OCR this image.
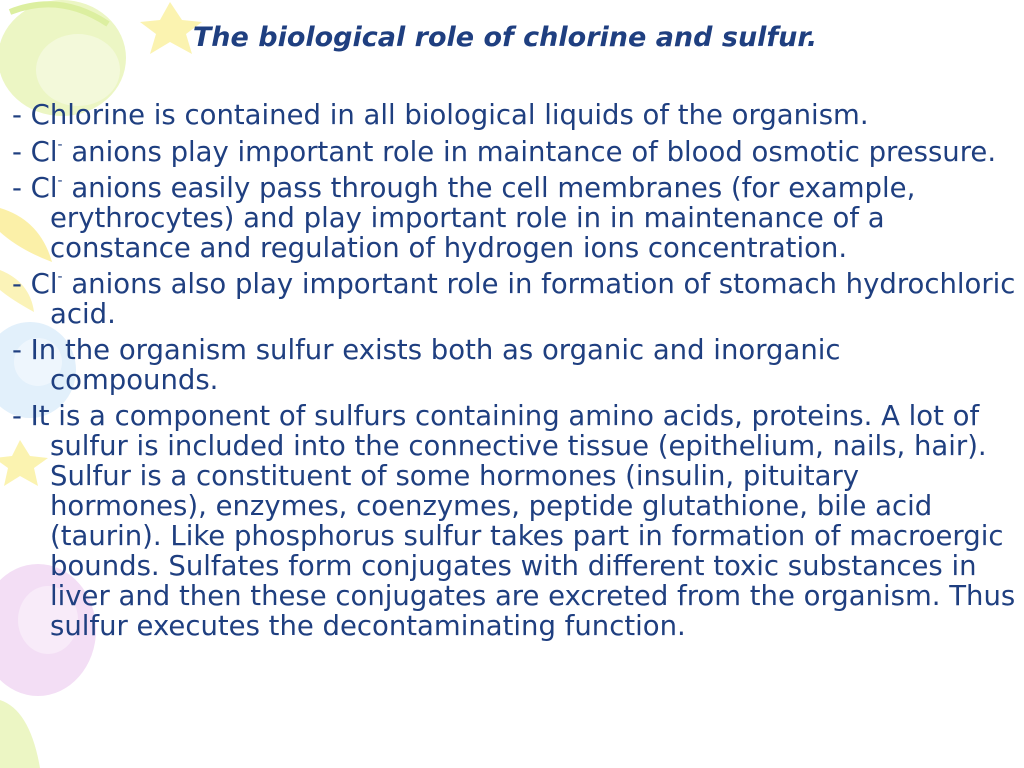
The biological role of chlorine and sulfur.
- Chlorine is contained in all biological liquids of the organism.
- Cl- anions play important role in maintance of blood osmotic pressure.
- Cl- anions easily pass through the cell membranes (for example, erythrocytes) and play important role in in maintenance of a constance and regulation of hydrogen ions concentration.
- Cl- anions also play important role in formation of stomach hydrochloric acid.
- In the organism sulfur exists both as organic and inorganic compounds.
- It is a component of sulfurs containing amino acids, proteins. A lot of sulfur is included into the connective tissue (epithelium, nails, hair). Sulfur is a constituent of some hormones (insulin, pituitary hormones), enzymes, coenzymes, peptide glutathione, bile acid (taurin). Like phosphorus sulfur takes part in formation of macroergic bounds. Sulfates form conjugates with different toxic substances in liver and then these conjugates are excreted from the organism. Thus sulfur executes the decontaminating function.
